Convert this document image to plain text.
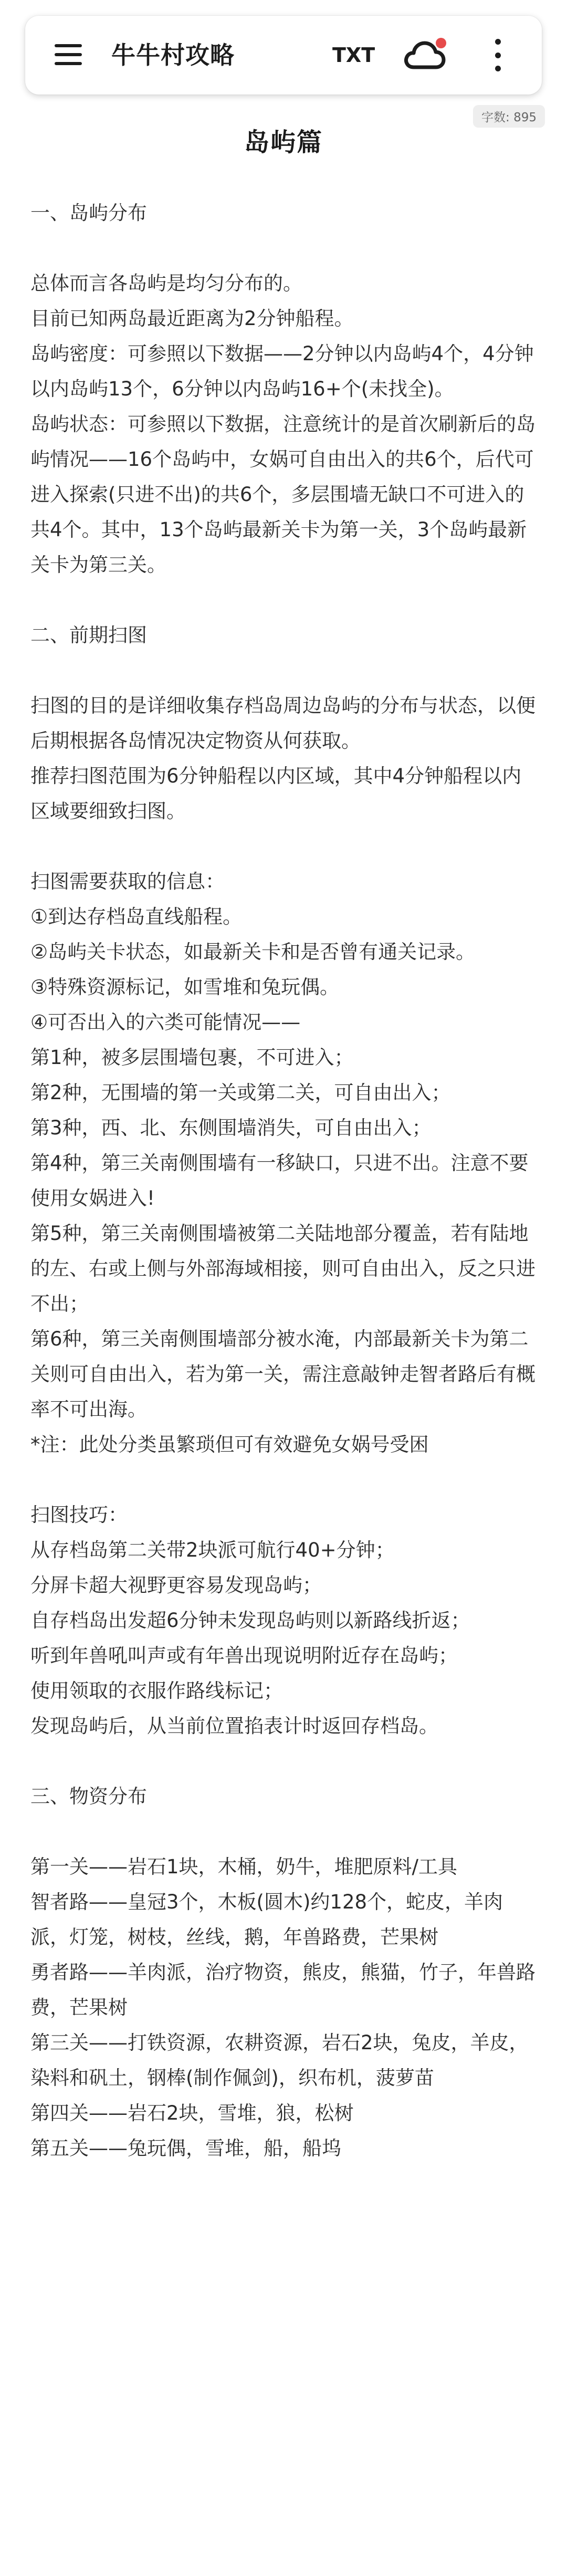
牛牛村攻略	TXT
字数: 895
岛屿篇

一、岛屿分布

总体而言各岛屿是均匀分布的。

目前已知两岛最近距离为2分钟船程。

岛屿密度：可参照以下数据——2分钟以内岛屿4个，4分钟以内岛屿13个，6分钟以内岛屿16+个(未找全)。

岛屿状态：可参照以下数据，注意统计的是首次刷新后的岛屿情况——16个岛屿中，女娲可自由出入的共6个，后代可进入探索(只进不出)的共6个，多层围墙无缺口不可进入的共4个。其中，13个岛屿最新关卡为第一关，3个岛屿最新关卡为第三关。

二、前期扫图

扫图的目的是详细收集存档岛周边岛屿的分布与状态，以便后期根据各岛情况决定物资从何获取。

推荐扫图范围为6分钟船程以内区域，其中4分钟船程以内区域要细致扫图。

扫图需要获取的信息：

①到达存档岛直线船程。

②岛屿关卡状态，如最新关卡和是否曾有通关记录。

③特殊资源标记，如雪堆和兔玩偶。

④可否出入的六类可能情况——

第1种，被多层围墙包裹，不可进入；

第2种，无围墙的第一关或第二关，可自由出入；

第3种，西、北、东侧围墙消失，可自由出入；

第4种，第三关南侧围墙有一移缺口，只进不出。注意不要使用女娲进入!

第5种，第三关南侧围墙被第二关陆地部分覆盖，若有陆地的左、右或上侧与外部海域相接，则可自由出入，反之只进不出；

第6种，第三关南侧围墙部分被水淹，内部最新关卡为第二关则可自由出入，若为第一关，需注意敲钟走智者路后有概率不可出海。

*注：此处分类虽繁琐但可有效避免女娲号受困

扫图技巧：

从存档岛第二关带2块派可航行40+分钟；

分屏卡超大视野更容易发现岛屿；

自存档岛出发超6分钟未发现岛屿则以新路线折返；

听到年兽吼叫声或有年兽出现说明附近存在岛屿；

使用领取的衣服作路线标记；

发现岛屿后，从当前位置掐表计时返回存档岛。

三、物资分布

第一关——岩石1块，木桶，奶牛，堆肥原料/工具

智者路——皇冠3个，木板(圆木)约128个，蛇皮，羊肉派，灯笼，树枝，丝线，鹅，年兽路费，芒果树

勇者路——羊肉派，治疗物资，熊皮，熊猫，竹子，年兽路费，芒果树

第三关——打铁资源，农耕资源，岩石2块，兔皮，羊皮，染料和矾土，钢棒(制作佩剑)，织布机，菠萝苗

第四关——岩石2块，雪堆，狼，松树

第五关——兔玩偶，雪堆，船，船坞
